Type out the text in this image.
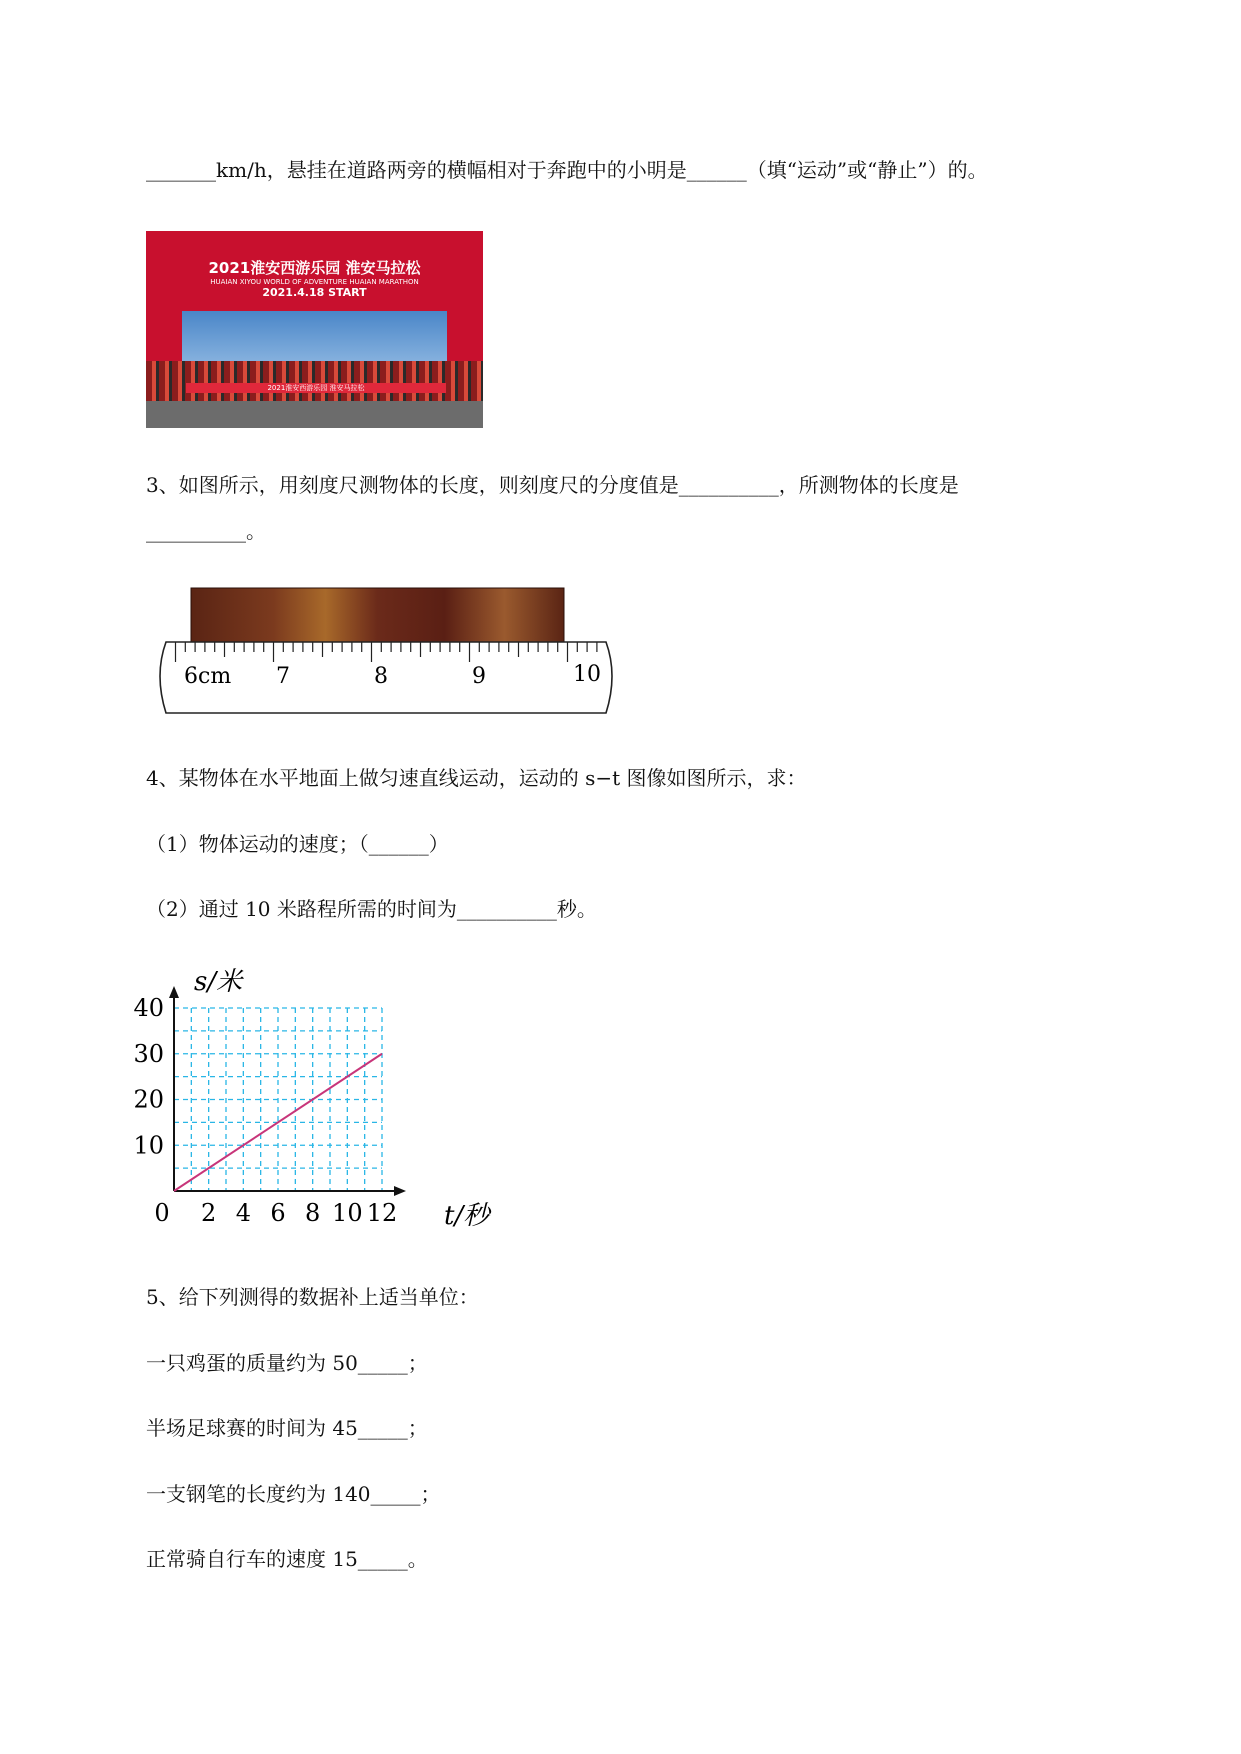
_______km/h，悬挂在道路两旁的横幅相对于奔跑中的小明是______（填“运动”或“静止”）的。
2021淮安西游乐园 淮安马拉松
HUAIAN XIYOU WORLD OF ADVENTURE HUAIAN MARATHON
2021.4.18 START
2021淮安西游乐园 淮安马拉松
3、如图所示，用刻度尺测物体的长度，则刻度尺的分度值是__________，所测物体的长度是
__________。
6cm 7	8	9	10
4、某物体在水平地面上做匀速直线运动，运动的 s−t 图像如图所示，求：
（1）物体运动的速度；（______）
（2）通过 10 米路程所需的时间为__________秒。
0 2 4 6 8 10 12
10
20
30
40
s/米
t/秒
5、给下列测得的数据补上适当单位：
一只鸡蛋的质量约为 50_____；
半场足球赛的时间为 45_____；
一支钢笔的长度约为 140_____；
正常骑自行车的速度 15_____。
